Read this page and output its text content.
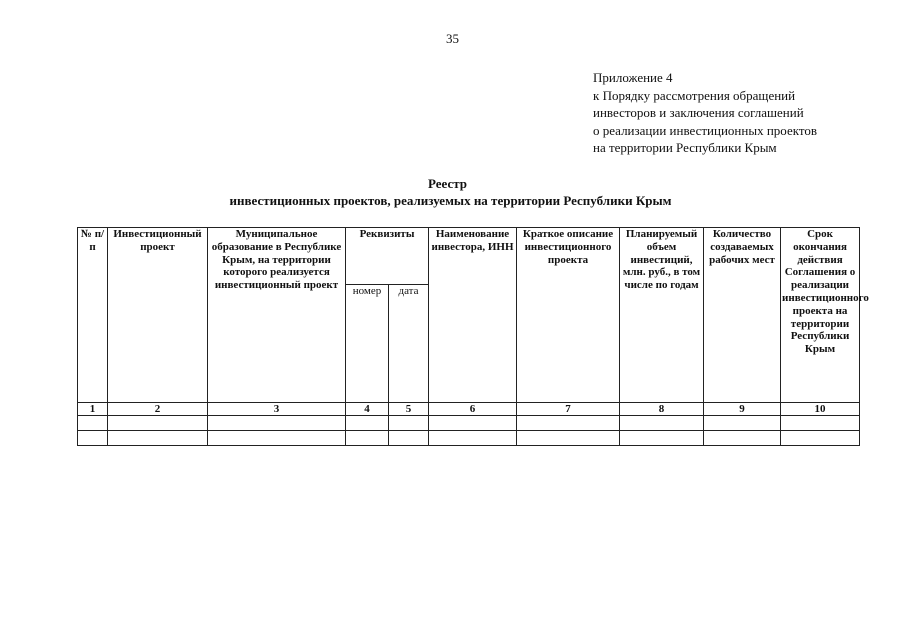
35
Приложение 4
к Порядку рассмотрения обращений
инвесторов и заключения соглашений
о реализации инвестиционных проектов
на территории Республики Крым
Реестр
инвестиционных проектов, реализуемых на территории Республики Крым
№ п/п	Инвестиционный проект	Муниципальное образование в Республике Крым, на территории которого реализуется инвестиционный проект	Реквизиты		Наименование инвестора, ИНН	Краткое описание инвестиционного проекта	Планируемый объем инвестиций, млн. руб., в том числе по годам	Количество создаваемых рабочих мест	Срок окончания действия Соглашения о реализации инвестиционного проекта на территории Республики Крым
			номер	дата					
1	2	3	4	5	6	7	8	9	10
